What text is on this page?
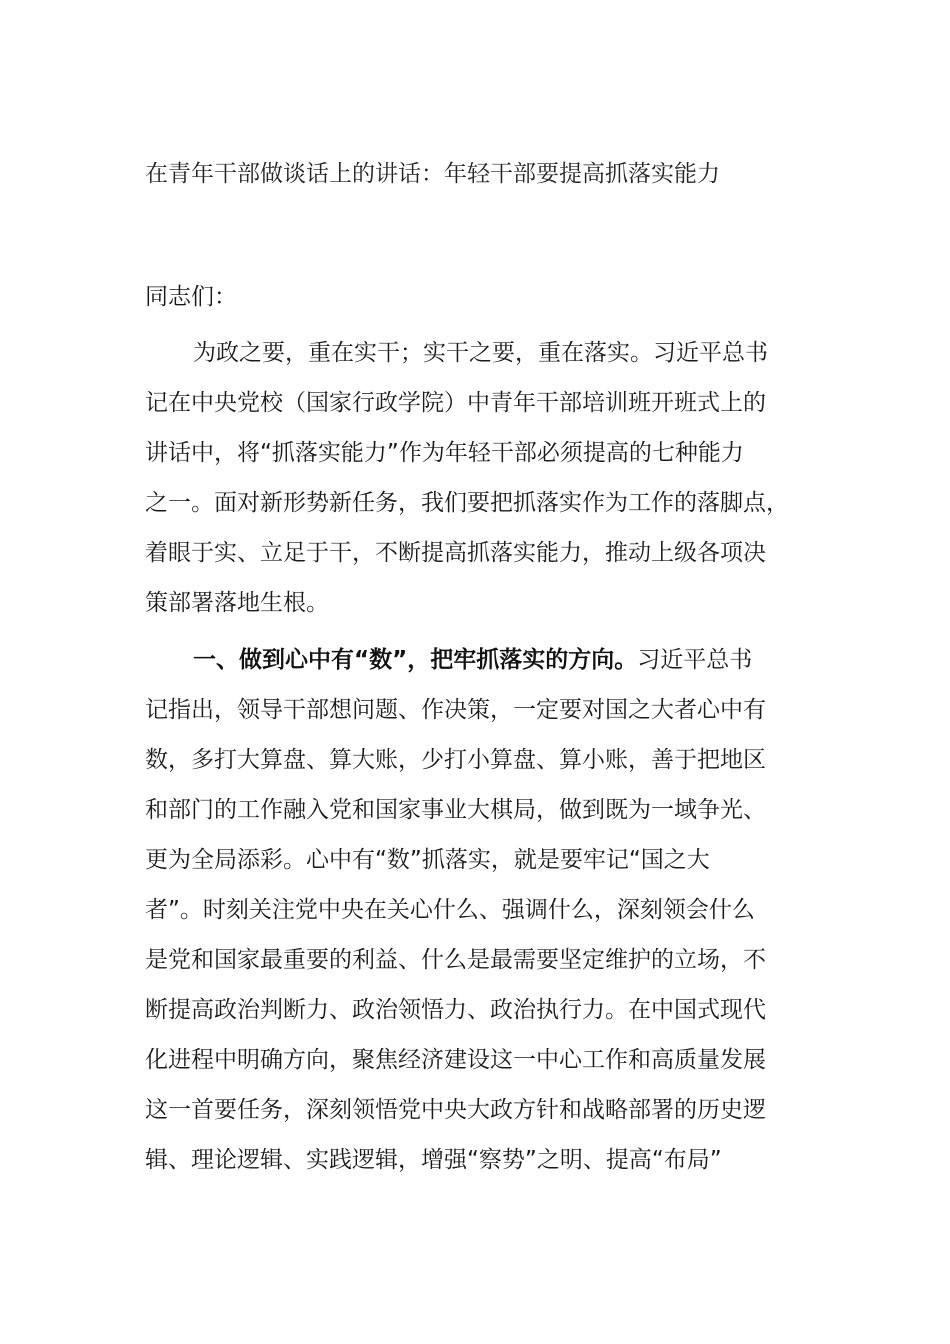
在青年干部做谈话上的讲话：年轻干部要提高抓落实能力
同志们：
为政之要，重在实干；实干之要，重在落实。习近平总书
记在中央党校（国家行政学院）中青年干部培训班开班式上的
讲话中，将“抓落实能力”作为年轻干部必须提高的七种能力
之一。面对新形势新任务，我们要把抓落实作为工作的落脚点，
着眼于实、立足于干，不断提高抓落实能力，推动上级各项决
策部署落地生根。
一、做到心中有“数”，把牢抓落实的方向。习近平总书
记指出，领导干部想问题、作决策，一定要对国之大者心中有
数，多打大算盘、算大账，少打小算盘、算小账，善于把地区
和部门的工作融入党和国家事业大棋局，做到既为一域争光、
更为全局添彩。心中有“数”抓落实，就是要牢记“国之大
者”。时刻关注党中央在关心什么、强调什么，深刻领会什么
是党和国家最重要的利益、什么是最需要坚定维护的立场，不
断提高政治判断力、政治领悟力、政治执行力。在中国式现代
化进程中明确方向，聚焦经济建设这一中心工作和高质量发展
这一首要任务，深刻领悟党中央大政方针和战略部署的历史逻
辑、理论逻辑、实践逻辑，增强“察势”之明、提高“布局”
